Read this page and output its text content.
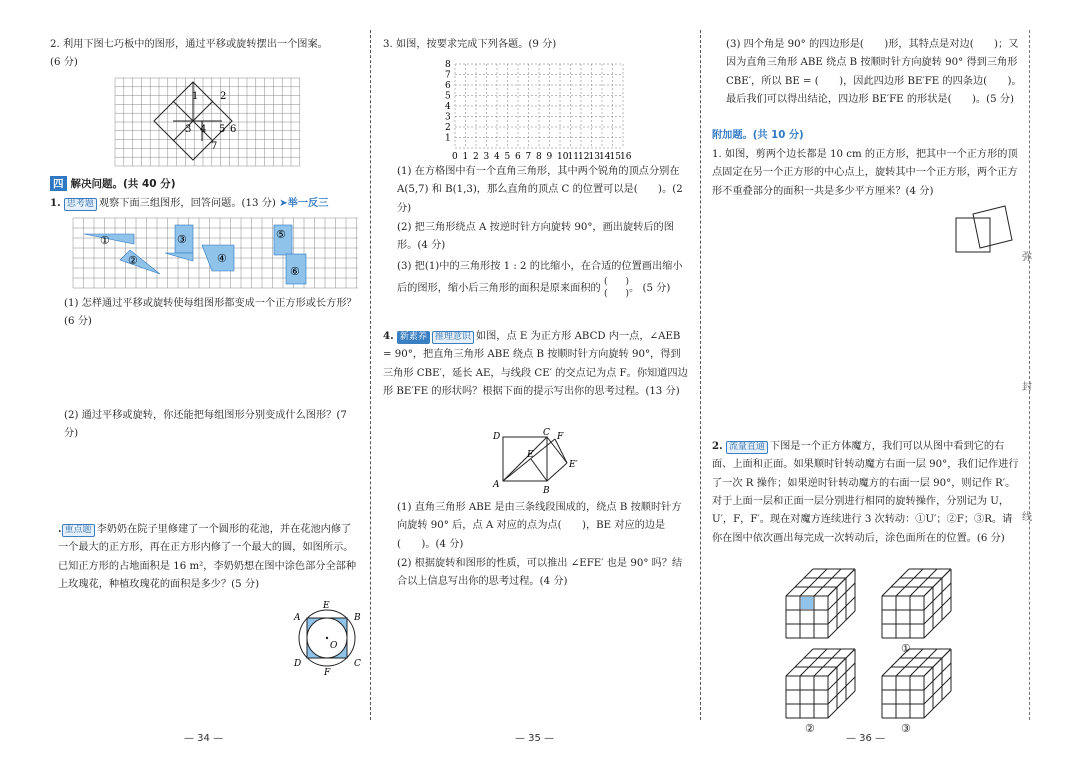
2. 利用下图七巧板中的图形，通过平移或旋转摆出一个图案。
(6 分)

1 2
3 4 5 6
7
四 解决问题。(共 40 分)

1. 思考题 观察下面三组图形，回答问题。(13 分) ➤举一反三

①
②
③
④
⑤
⑥

(1) 怎样通过平移或旋转使每组图形都变成一个正方形或长方形？(6 分)

(2) 通过平移或旋转，你还能把每组图形分别变成什么图形？(7 分)

. 重点题 李奶奶在院子里修建了一个圆形的花池，并在花池内修了一个最大的正方形，再在正方形内修了一个最大的圆，如图所示。已知正方形的占地面积是 16 m²，李奶奶想在图中涂色部分全部种上玫瑰花，种植玫瑰花的面积是多少？(5 分)

A
E
B
O
D
F
C
— 34 —

3. 如图，按要求完成下列各题。(9 分)

8
7
6
5
4
3
2
1
0 1 2 3 4 5 6 7 8 9 10 11 12 13 14 15 16

(1) 在方格图中有一个直角三角形，其中两个锐角的顶点分别在 A(5,7) 和 B(1,3)，那么直角的顶点 C 的位置可以是(　　)。(2 分)

(2) 把三角形绕点 A 按逆时针方向旋转 90°，画出旋转后的图形。(4 分)

(3) 把(1)中的三角形按 1 : 2 的比缩小，在合适的位置画出缩小后的图形，缩小后三角形的面积是原来面积的 (　　)
(　　)。 (5 分)

4. 新素养 推理意识 如图，点 E 为正方形 ABCD 内一点，∠AEB = 90°，把直角三角形 ABE 绕点 B 按顺时针方向旋转 90°，得到三角形 CBE′，延长 AE，与线段 CE′ 的交点记为点 F。你知道四边形 BE′FE 的形状吗？根据下面的提示写出你的思考过程。(13 分)

D	C F
E
E′
A
B

(1) 直角三角形 ABE 是由三条线段围成的，绕点 B 按顺时针方向旋转 90° 后，点 A 对应的点为点(　　)，BE 对应的边是(　　)。(4 分)

(2) 根据旋转和图形的性质，可以推出 ∠EFE′ 也是 90° 吗？结合以上信息写出你的思考过程。(4 分)

— 35 —

(3) 四个角是 90° 的四边形是(　　)形，其特点是对边(　　)；又因为直角三角形 ABE 绕点 B 按顺时针方向旋转 90° 得到三角形 CBE′，所以 BE = (　　)，因此四边形 BE′FE 的四条边(　　)。最后我们可以得出结论，四边形 BE′FE 的形状是(　　)。(5 分)

附加题。(共 10 分)

1. 如图，剪两个边长都是 10 cm 的正方形，把其中一个正方形的顶点固定在另一个正方形的中心点上，旋转其中一个正方形，两个正方形不重叠部分的面积一共是多少平方厘米？(4 分)

2. 流量直通 下图是一个正方体魔方，我们可以从图中看到它的右面、上面和正面。如果顺时针转动魔方右面一层 90°，我们记作进行了一次 R 操作；如果逆时针转动魔方的右面一层 90°，则记作 R′。对于上面一层和正面一层分别进行相同的旋转操作，分别记为 U，U′，F，F′。现在对魔方连续进行 3 次转动：①U′；②F；③R。请你在图中依次画出每完成一次转动后，涂色面所在的位置。(6 分)

①
②	③
— 36 —
弥
封
线
